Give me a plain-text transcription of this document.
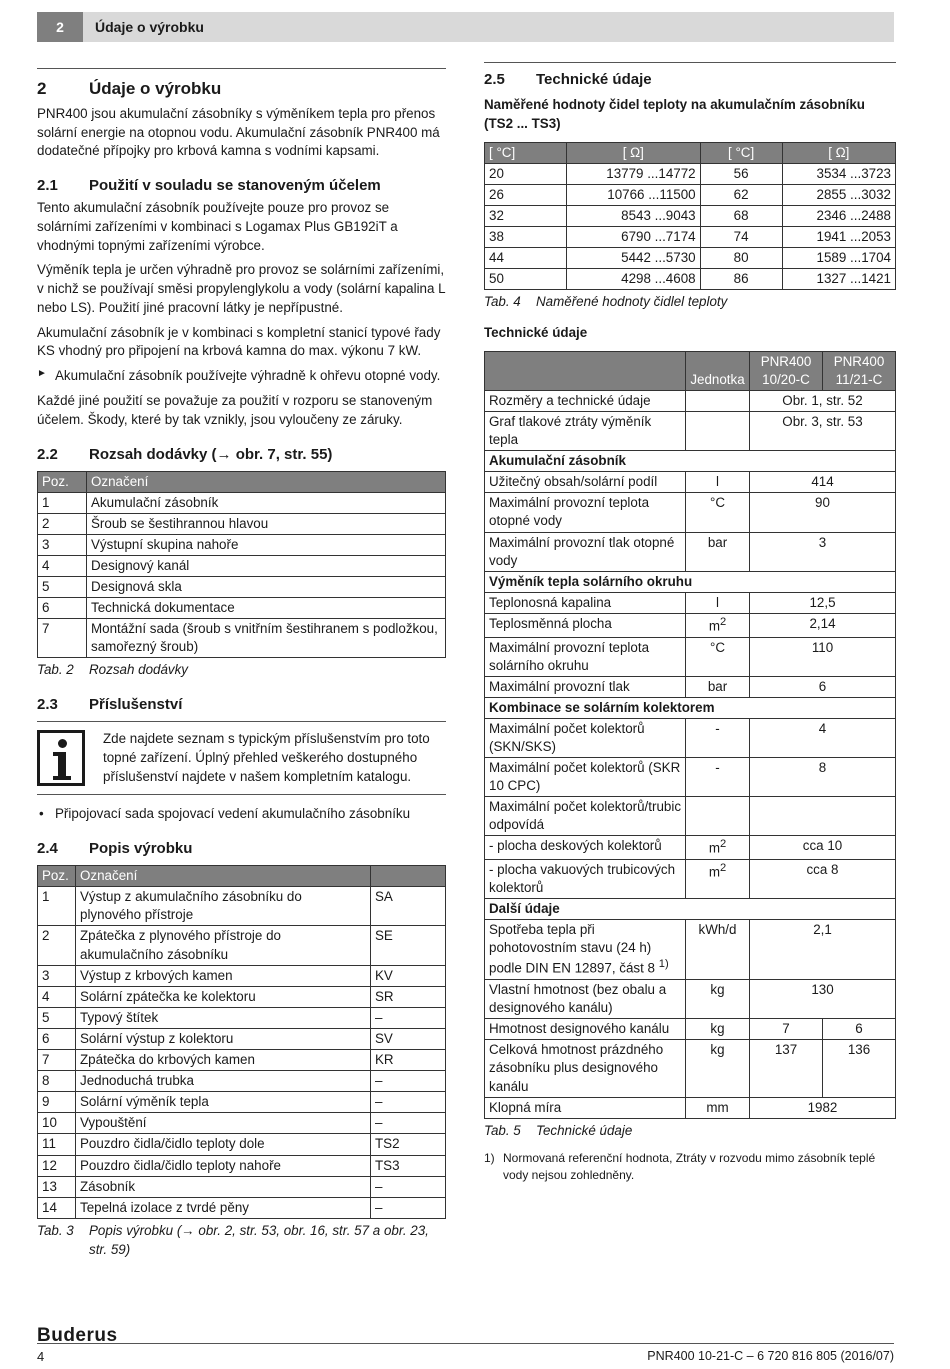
2	Údaje o výrobku
2	Údaje o výrobku

PNR400 jsou akumulační zásobníky s výměníkem tepla pro přenos solární energie na otopnou vodu. Akumulační zásobník PNR400 má dodatečné přípojky pro krbová kamna s vodními kapsami.

2.1 Použití v souladu se stanoveným účelem

Tento akumulační zásobník používejte pouze pro provoz se solárními zařízeními v kombinaci s Logamax Plus GB192iT a vhodnými topnými zařízeními výrobce.

Výměník tepla je určen výhradně pro provoz se solárními zařízeními, v nichž se používají směsi propylenglykolu a vody (solární kapalina L nebo LS). Použití jiné pracovní látky je nepřípustné.

Akumulační zásobník je v kombinaci s kompletní stanicí typové řady KS vhodný pro připojení na krbová kamna do max. výkonu 7 kW.

► Akumulační zásobník používejte výhradně k ohřevu otopné vody.

Každé jiné použití se považuje za použití v rozporu se stanoveným účelem. Škody, které by tak vznikly, jsou vyloučeny ze záruky.

2.2 Rozsah dodávky (→ obr. 7, str. 55)
Poz.	Označení
1	Akumulační zásobník
2	Šroub se šestihrannou hlavou
3	Výstupní skupina nahoře
4	Designový kanál
5	Designová skla
6	Technická dokumentace
7	Montážní sada (šroub s vnitřním šestihranem s podložkou, samořezný šroub)

Tab. 2 Rozsah dodávky

2.3 Příslušenství
Zde najdete seznam s typickým příslušenstvím pro toto topné zařízení. Úplný přehled veškerého dostupného příslušenství najdete v našem kompletním katalogu.

• Připojovací sada spojovací vedení akumulačního zásobníku

2.4 Popis výrobku
Poz.	Označení	
1	Výstup z akumulačního zásobníku do plynového přístroje	SA
2	Zpátečka z plynového přístroje do akumulačního zásobníku	SE
3	Výstup z krbových kamen	KV
4	Solární zpátečka ke kolektoru	SR
5	Typový štítek	–
6	Solární výstup z kolektoru	SV
7	Zpátečka do krbových kamen	KR
8	Jednoduchá trubka	–
9	Solární výměník tepla	–
10	Vypouštění	–
11	Pouzdro čidla/čidlo teploty dole	TS2
12	Pouzdro čidla/čidlo teploty nahoře	TS3
13	Zásobník	–
14	Tepelná izolace z tvrdé pěny	–

Tab. 3	Popis výrobku (→ obr. 2, str. 53, obr. 16, str. 57 a obr. 23, str. 59)

2.5 Technické údaje

Naměřené hodnoty čidel teploty na akumulačním zásobníku (TS2 ... TS3)

[ °C]	[ Ω]	[ °C]	[ Ω]
20	13779 ...14772	56	3534 ...3723
26	10766 ...11500	62	2855 ...3032
32	8543 ...9043	68	2346 ...2488
38	6790 ...7174	74	1941 ...2053
44	5442 ...5730	80	1589 ...1704
50	4298 ...4608	86	1327 ...1421

Tab. 4 Naměřené hodnoty čidlel teploty

Technické údaje

	Jednotka	PNR400 10/20-C	PNR400 11/21-C
Rozměry a technické údaje		Obr. 1, str. 52	
Graf tlakové ztráty výměník tepla		Obr. 3, str. 53	
Akumulační zásobník			
Užitečný obsah/solární podíl	l	414	
Maximální provozní teplota otopné vody	°C	90	
Maximální provozní tlak otopné vody	bar	3	
Výměník tepla solárního okruhu			
Teplonosná kapalina	l	12,5	
Teplosměnná plocha	$m^2$	2,14	
Maximální provozní teplota solárního okruhu	°C	110	
Maximální provozní tlak	bar	6	
Kombinace se solárním kolektorem			
Maximální počet kolektorů (SKN/SKS)	-	4	
Maximální počet kolektorů (SKR 10 CPC)	-	8	
Maximální počet kolektorů/trubic odpovídá			
- plocha deskových kolektorů	$m^2$	cca 10	
- plocha vakuových trubicových kolektorů	$m^2$	cca 8	
Další údaje			
Spotřeba tepla při pohotovostním stavu (24 h) podle DIN EN 12897, část 8 $^{1)}$	kWh/d	2,1	
Vlastní hmotnost (bez obalu a designového kanálu)	kg	130	
Hmotnost designového kanálu	kg	7	6
Celková hmotnost prázdného zásobníku plus designového kanálu	kg	137	136
Klopná míra	mm	1982	

Tab. 5 Technické údaje

1) Normovaná referenční hodnota, Ztráty v rozvodu mimo zásobník teplé vody nejsou zohledněny.
Buderus
4	PNR400 10-21-C – 6 720 816 805 (2016/07)
